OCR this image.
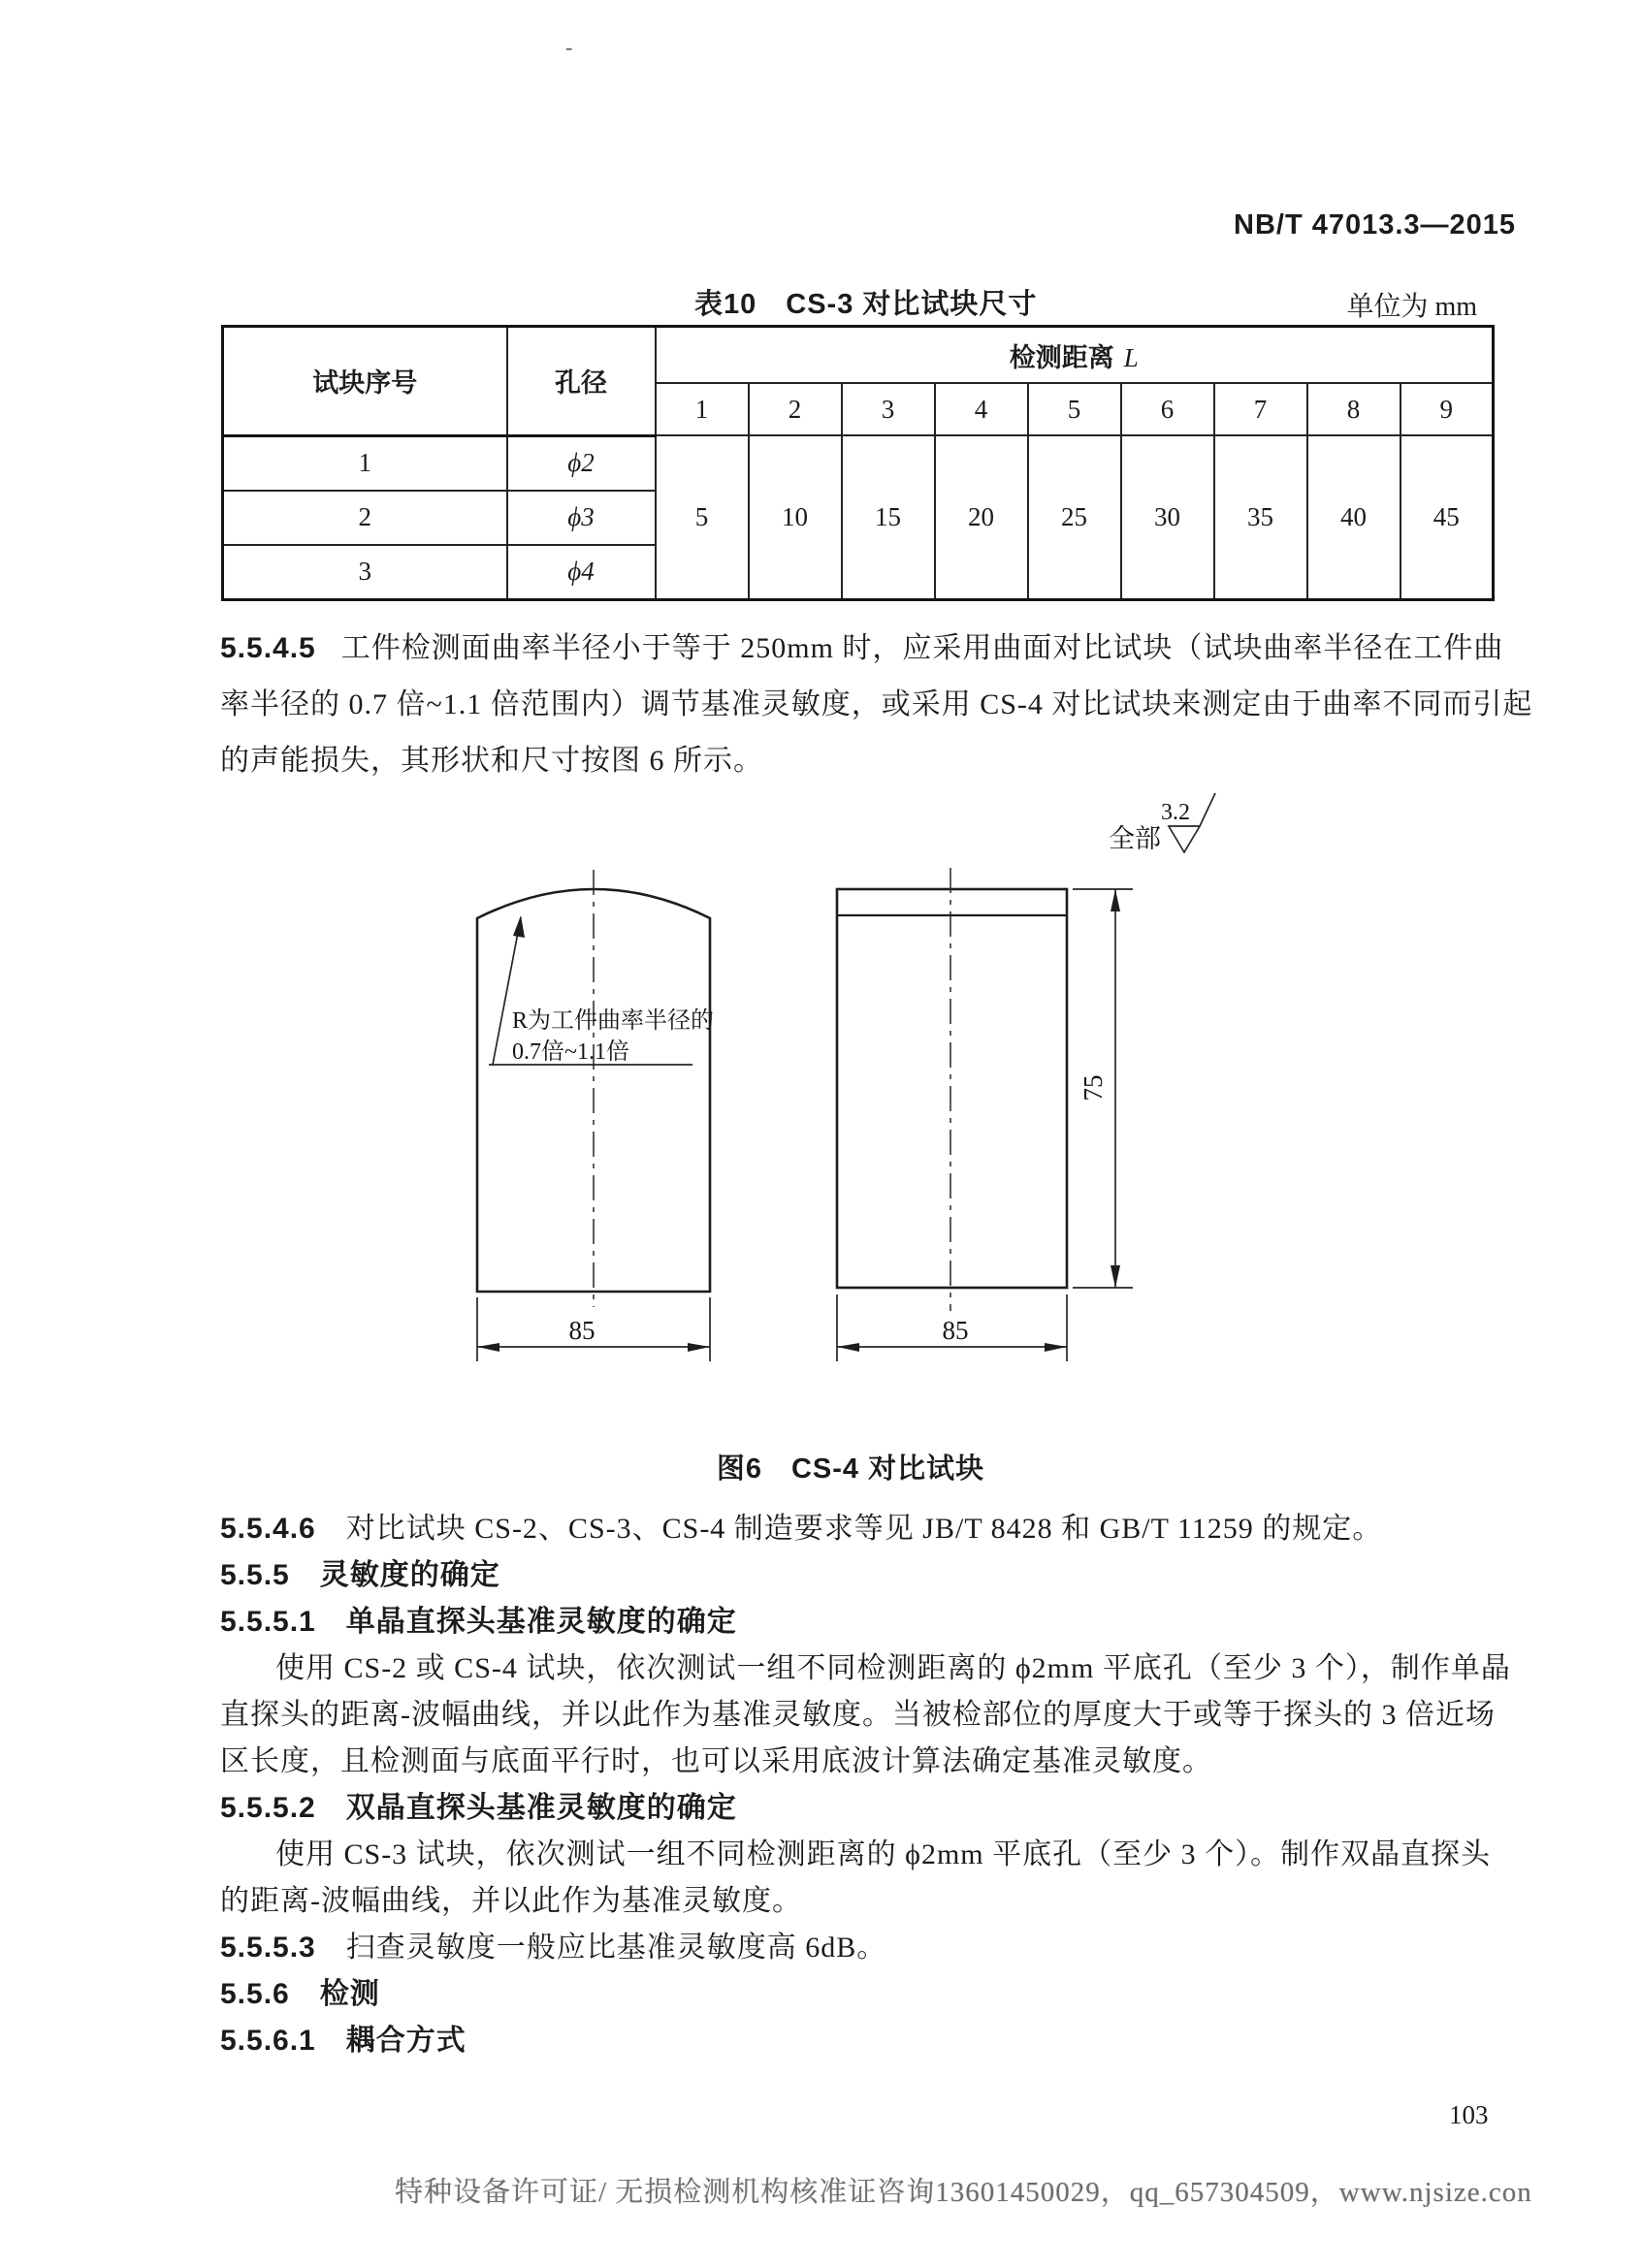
-
NB/T 47013.3—2015
表10　CS-3 对比试块尺寸	单位为 mm
试块序号	孔径	检测距离 L								
		1	2	3	4	5	6	7	8	9
1	ϕ2	5	10	15	20	25	30	35	40	45
2	ϕ3									
3	ϕ4									
5.5.4.5 工件检测面曲率半径小于等于 250mm 时，应采用曲面对比试块（试块曲率半径在工件曲
率半径的 0.7 倍~1.1 倍范围内）调节基准灵敏度，或采用 CS-4 对比试块来测定由于曲率不同而引起
的声能损失，其形状和尺寸按图 6 所示。
全部
3.2
R为工件曲率半径的
0.7倍~1.1倍
85
75
85
图6　CS-4 对比试块
5.5.4.6　对比试块 CS-2、CS-3、CS-4 制造要求等见 JB/T 8428 和 GB/T 11259 的规定。
5.5.5　灵敏度的确定
5.5.5.1　单晶直探头基准灵敏度的确定
使用 CS-2 或 CS-4 试块，依次测试一组不同检测距离的 ϕ2mm 平底孔（至少 3 个），制作单晶
直探头的距离-波幅曲线，并以此作为基准灵敏度。当被检部位的厚度大于或等于探头的 3 倍近场
区长度，且检测面与底面平行时，也可以采用底波计算法确定基准灵敏度。
5.5.5.2　双晶直探头基准灵敏度的确定
使用 CS-3 试块，依次测试一组不同检测距离的 ϕ2mm 平底孔（至少 3 个）。制作双晶直探头
的距离-波幅曲线，并以此作为基准灵敏度。
5.5.5.3　扫查灵敏度一般应比基准灵敏度高 6dB。
5.5.6　检测
5.5.6.1　耦合方式
103
特种设备许可证/ 无损检测机构核准证咨询13601450029，qq_657304509，www.njsize.con
